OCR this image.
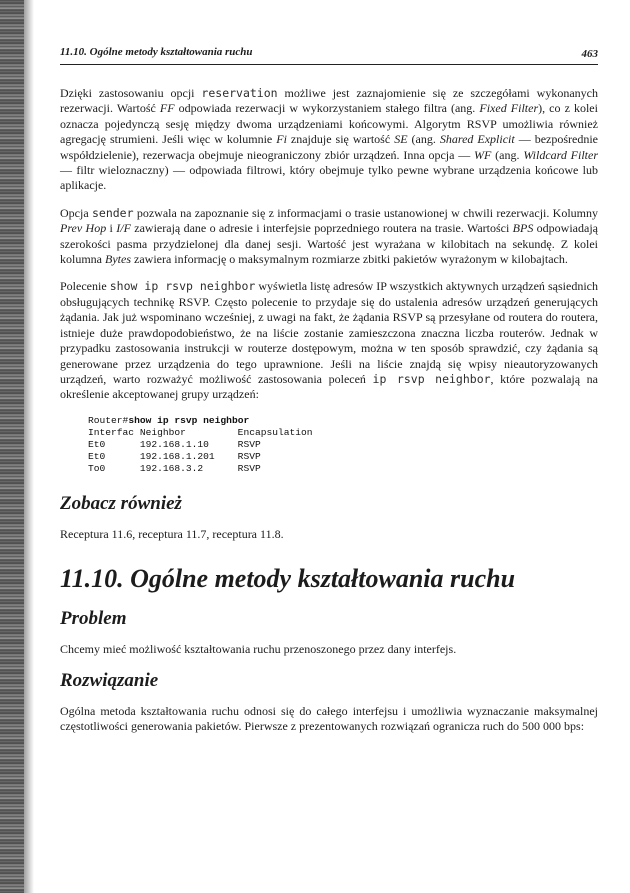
11.10. Ogólne metody kształtowania ruchu	463

Dzięki zastosowaniu opcji reservation możliwe jest zaznajomienie się ze szczegółami wykonanych rezerwacji. Wartość FF odpowiada rezerwacji w wykorzystaniem stałego filtra (ang. Fixed Filter), co z kolei oznacza pojedynczą sesję między dwoma urządzeniami końcowymi. Algorytm RSVP umożliwia również agregację strumieni. Jeśli więc w kolumnie Fi znajduje się wartość SE (ang. Shared Explicit — bezpośrednie współdzielenie), rezerwacja obejmuje nieograniczony zbiór urządzeń. Inna opcja — WF (ang. Wildcard Filter — filtr wieloznaczny) — odpowiada filtrowi, który obejmuje tylko pewne wybrane urządzenia końcowe lub aplikacje.

Opcja sender pozwala na zapoznanie się z informacjami o trasie ustanowionej w chwili rezerwacji. Kolumny Prev Hop i I/F zawierają dane o adresie i interfejsie poprzedniego routera na trasie. Wartości BPS odpowiadają szerokości pasma przydzielonej dla danej sesji. Wartość jest wyrażana w kilobitach na sekundę. Z kolei kolumna Bytes zawiera informację o maksymalnym rozmiarze zbitki pakietów wyrażonym w kilobajtach.

Polecenie show ip rsvp neighbor wyświetla listę adresów IP wszystkich aktywnych urządzeń sąsiednich obsługujących technikę RSVP. Często polecenie to przydaje się do ustalenia adresów urządzeń generujących żądania. Jak już wspominano wcześniej, z uwagi na fakt, że żądania RSVP są przesyłane od routera do routera, istnieje duże prawdopodobieństwo, że na liście zostanie zamieszczona znaczna liczba routerów. Jednak w przypadku zastosowania instrukcji w routerze dostępowym, można w ten sposób sprawdzić, czy żądania są generowane przez urządzenia do tego uprawnione. Jeśli na liście znajdą się wpisy nieautoryzowanych urządzeń, warto rozważyć możliwość zastosowania poleceń ip rsvp neighbor, które pozwalają na określenie akceptowanej grupy urządzeń:

Router#show ip rsvp neighbor
Interfac Neighbor         Encapsulation
Et0      192.168.1.10     RSVP
Et0      192.168.1.201    RSVP
To0      192.168.3.2      RSVP
Zobacz również

Receptura 11.6, receptura 11.7, receptura 11.8.

11.10. Ogólne metody kształtowania ruchu
Problem

Chcemy mieć możliwość kształtowania ruchu przenoszonego przez dany interfejs.

Rozwiązanie

Ogólna metoda kształtowania ruchu odnosi się do całego interfejsu i umożliwia wyznaczanie maksymalnej częstotliwości generowania pakietów. Pierwsze z prezentowanych rozwiązań ogranicza ruch do 500 000 bps:
